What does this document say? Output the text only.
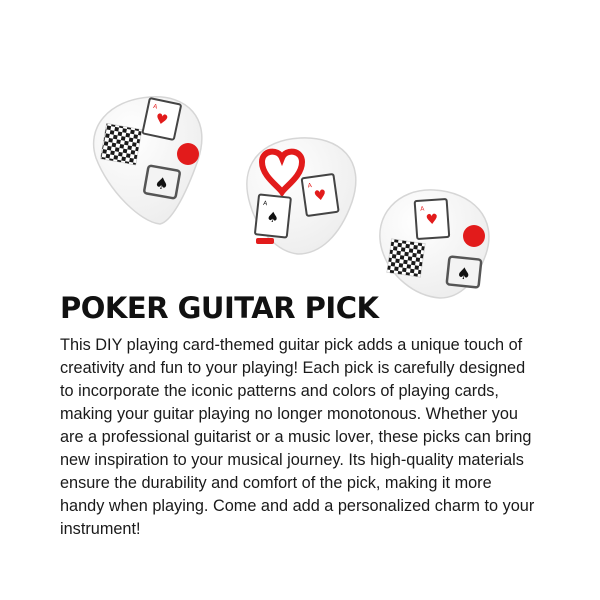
♥
A
♠
♥
A
♠
A
♥
A
♠
POKER GUITAR PICK

This DIY playing card-themed guitar pick adds a unique touch of creativity and fun to your playing! Each pick is carefully designed to incorporate the iconic patterns and colors of playing cards, making your guitar playing no longer monotonous. Whether you are a professional guitarist or a music lover, these picks can bring new inspiration to your musical journey. Its high-quality materials ensure the durability and comfort of the pick, making it more handy when playing. Come and add a personalized charm to your instrument!
